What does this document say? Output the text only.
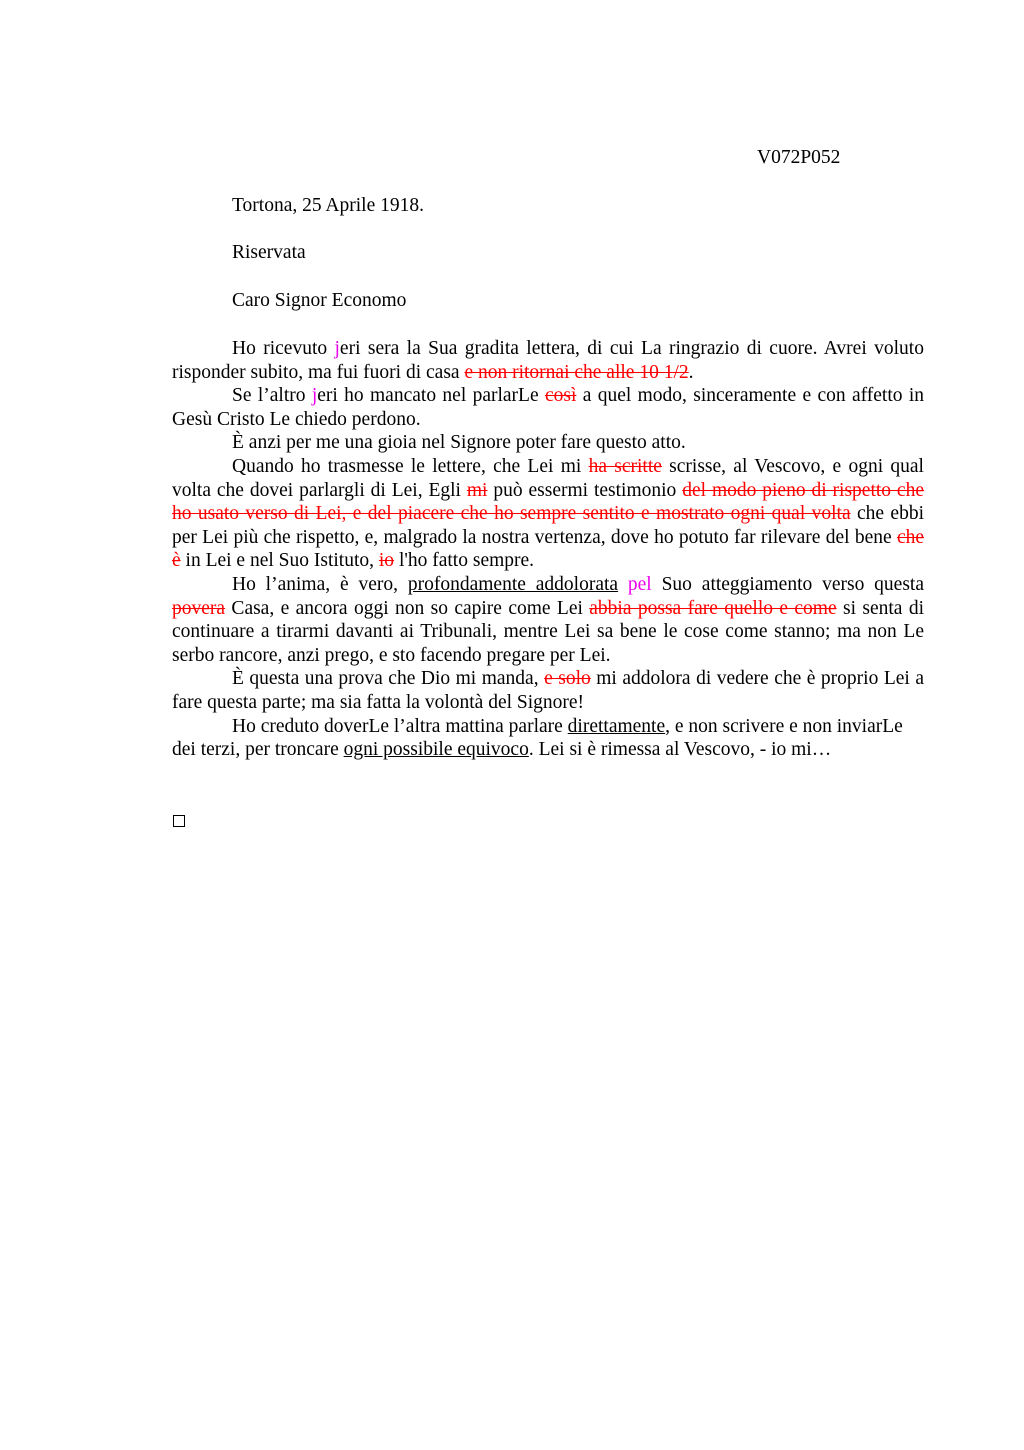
V072P052
Tortona, 25 Aprile 1918.
Riservata
Caro Signor Economo

Ho ricevuto jeri sera la Sua gradita lettera, di cui La ringrazio di cuore. Avrei voluto risponder subito, ma fui fuori di casa e non ritornai che alle 10 1/2.

Se l’altro jeri ho mancato nel parlarLe così a quel modo, sinceramente e con affetto in Gesù Cristo Le chiedo perdono.

È anzi per me una gioia nel Signore poter fare questo atto.

Quando ho trasmesse le lettere, che Lei mi ha scritte scrisse, al Vescovo, e ogni qual volta che dovei parlargli di Lei, Egli mi può essermi testimonio del modo pieno di rispetto che ho usato verso di Lei, e del piacere che ho sempre sentito e mostrato ogni qual volta che ebbi per Lei più che rispetto, e, malgrado la nostra vertenza, dove ho potuto far rilevare del bene che è in Lei e nel Suo Istituto, io l'ho fatto sempre.

Ho l’anima, è vero, profondamente addolorata pel Suo atteggiamento verso questa povera Casa, e ancora oggi non so capire come Lei abbia possa fare quello e come si senta di continuare a tirarmi davanti ai Tribunali, mentre Lei sa bene le cose come stanno; ma non Le serbo rancore, anzi prego, e sto facendo pregare per Lei.

È questa una prova che Dio mi manda, e solo mi addolora di vedere che è proprio Lei a fare questa parte; ma sia fatta la volontà del Signore!

Ho creduto doverLe l’altra mattina parlare direttamente, e non scrivere e non inviarLe dei terzi, per troncare ogni possibile equivoco. Lei si è rimessa al Vescovo, - io mi…
